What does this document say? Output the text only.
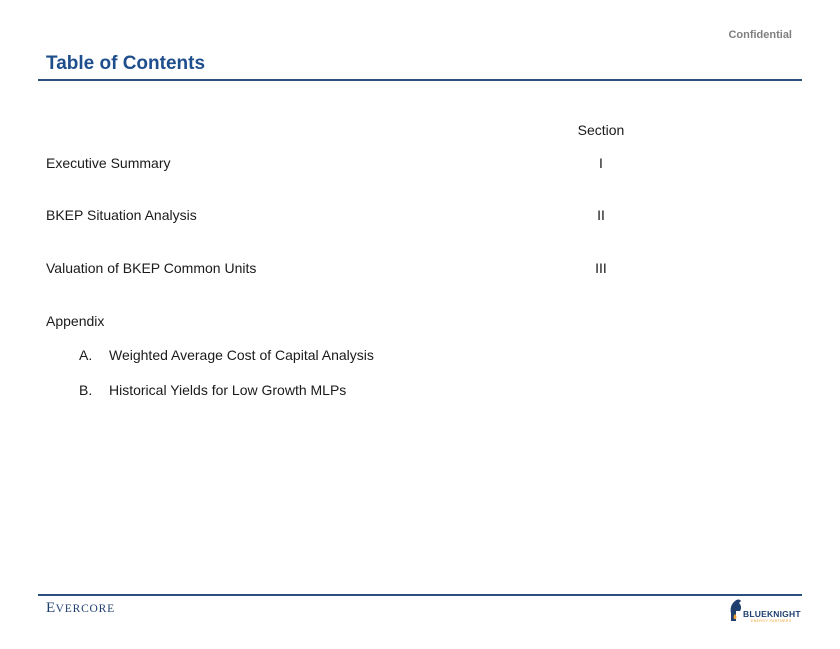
Confidential
Table of Contents
Section
Executive Summary	I
BKEP Situation Analysis	II
Valuation of BKEP Common Units	III
Appendix
A. Weighted Average Cost of Capital Analysis
B. Historical Yields for Low Growth MLPs
EVERCORE	BLUEKNIGHT
ENERGY PARTNERS
